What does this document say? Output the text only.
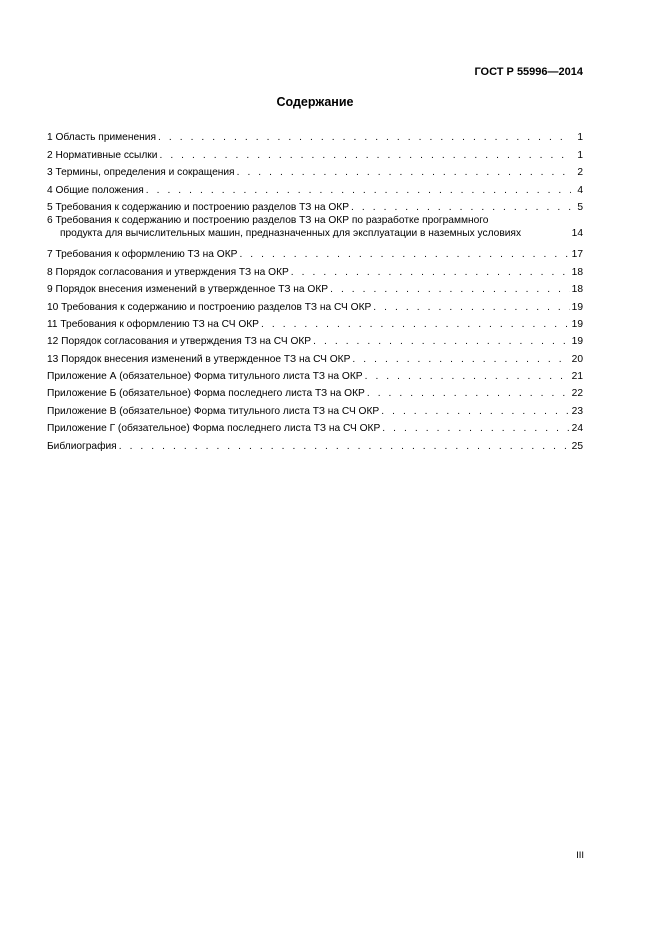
ГОСТ Р 55996—2014
Содержание
1 Область применения . . .	1
2 Нормативные ссылки . . .	1
3 Термины, определения и сокращения . . .	2
4 Общие положения . . .	4
5 Требования к содержанию и построению разделов ТЗ на ОКР . . .	5
6 Требования к содержанию и построению разделов ТЗ на ОКР по разработке программного
продукта для вычислительных машин, предназначенных для эксплуатации в наземных условиях	14
7 Требования к оформлению ТЗ на ОКР . . .	17
8 Порядок согласования и утверждения ТЗ на ОКР . . .	18
9 Порядок внесения изменений в утвержденное ТЗ на ОКР . . .	18
10 Требования к содержанию и построению разделов ТЗ на СЧ ОКР . . .	19
11 Требования к оформлению ТЗ на СЧ ОКР . . .	19
12 Порядок согласования и утверждения ТЗ на СЧ ОКР . . .	19
13 Порядок внесения изменений в утвержденное ТЗ на СЧ ОКР . . .	20
Приложение А (обязательное) Форма титульного листа ТЗ на ОКР . . .	21
Приложение Б (обязательное) Форма последнего листа ТЗ на ОКР . . .	22
Приложение В (обязательное) Форма титульного листа ТЗ на СЧ ОКР . . .	23
Приложение Г (обязательное) Форма последнего листа ТЗ на СЧ ОКР . . .	24
Библиография . . .	25
III
